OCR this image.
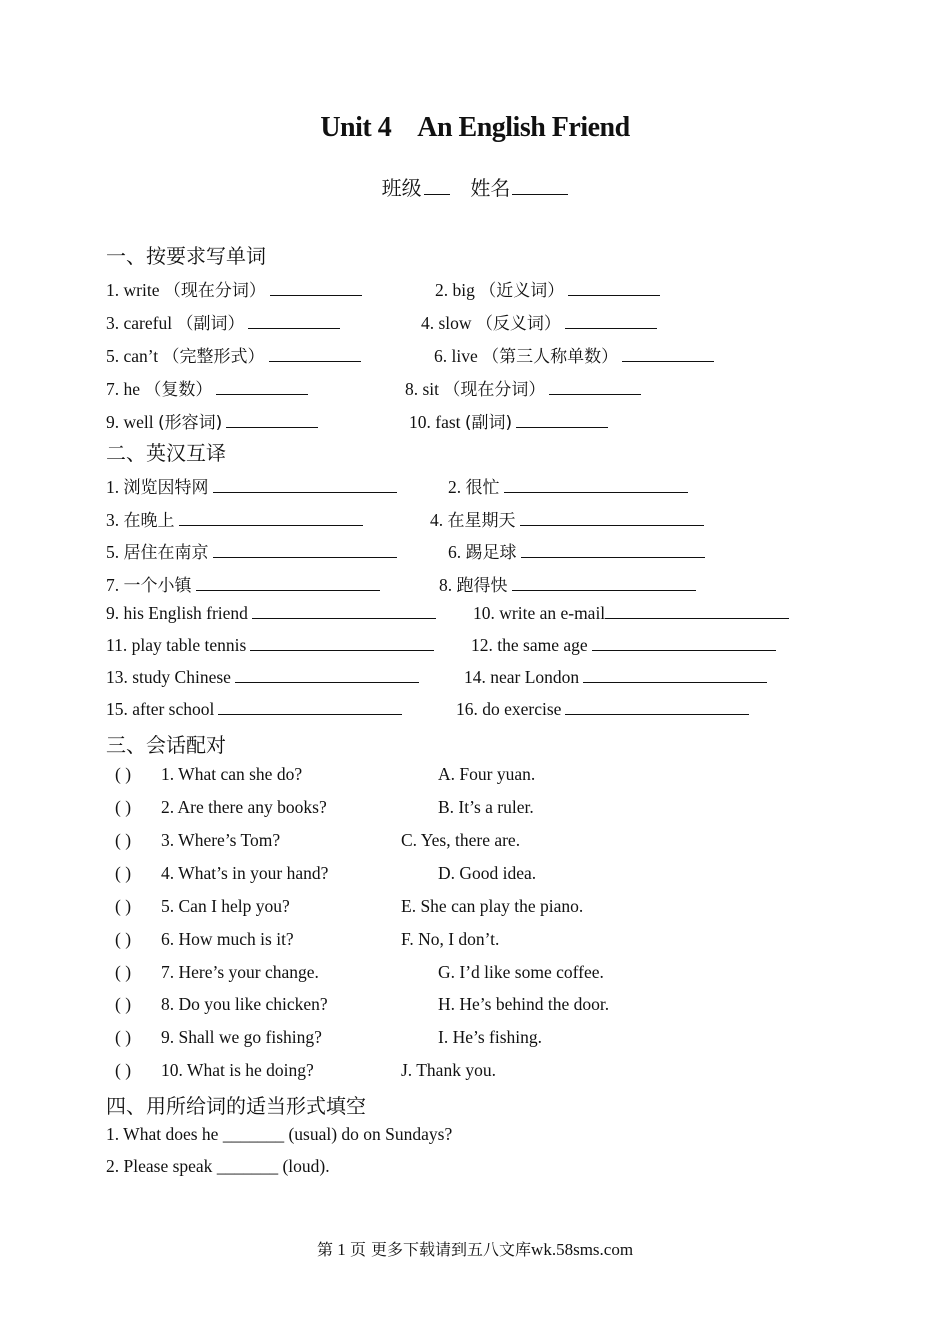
Unit 4 An English Friend
班级 姓名
一、按要求写单词
1. write （现在分词）	2. big （近义词）
3. careful （副词）	4. slow （反义词）
5. can’t （完整形式）	6. live （第三人称单数）
7. he （复数）	8. sit （现在分词）
9. well (形容词)	10. fast (副词)
二、英汉互译
1. 浏览因特网	2. 很忙
3. 在晚上	4. 在星期天
5. 居住在南京	6. 踢足球
7. 一个小镇	8. 跑得快
9. his English friend	10. write an e-mail
11. play table tennis	12. the same age
13. study Chinese	14. near London
15. after school	16. do exercise
三、会话配对
( ) 1. What can she do?	A. Four yuan.
( ) 2. Are there any books?	B. It’s a ruler.
( ) 3. Where’s Tom?	C. Yes, there are.
( ) 4. What’s in your hand?	D. Good idea.
( ) 5. Can I help you?	E. She can play the piano.
( ) 6. How much is it?	F. No, I don’t.
( ) 7. Here’s your change.	G. I’d like some coffee.
( ) 8. Do you like chicken?	H. He’s behind the door.
( ) 9. Shall we go fishing?	I. He’s fishing.
( ) 10. What is he doing?	J. Thank you.
四、用所给词的适当形式填空
1. What does he _______ (usual) do on Sundays?
2. Please speak _______ (loud).
第 1 页 更多下载请到五八文库wk.58sms.com
